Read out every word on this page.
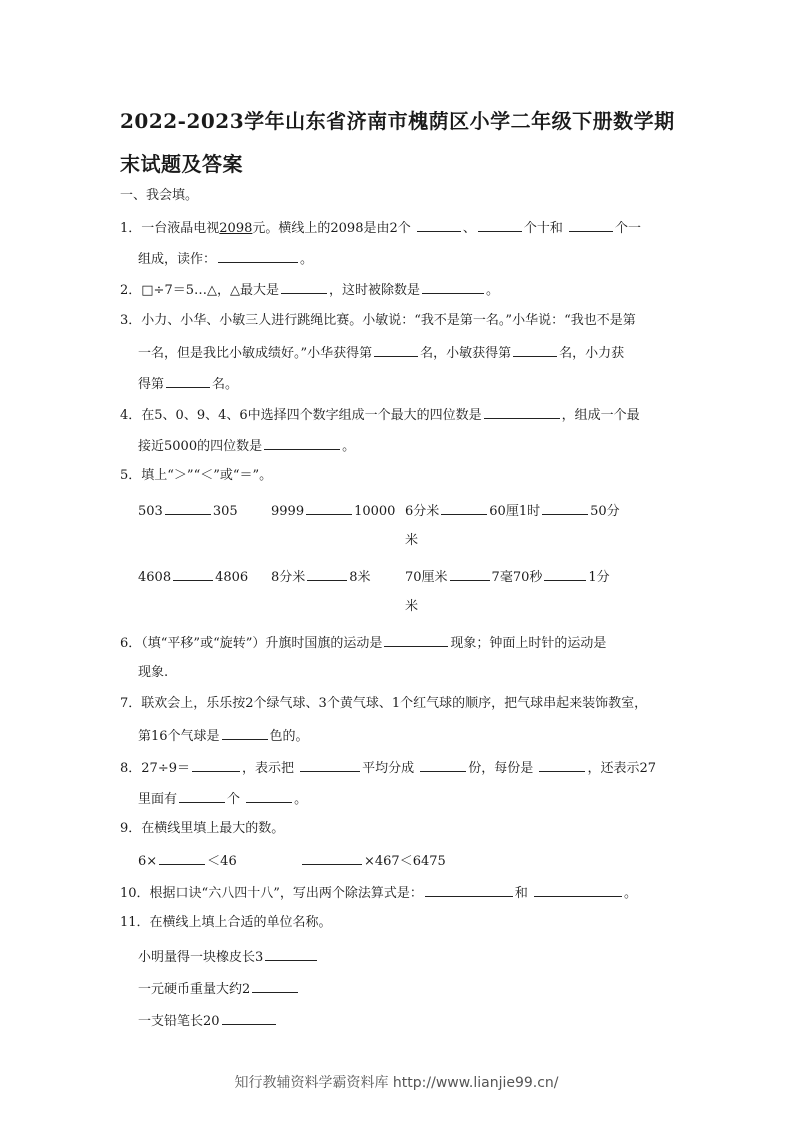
2022-2023学年山东省济南市槐荫区小学二年级下册数学期
末试题及答案
一、我会填。
1．一台液晶电视2098元。横线上的2098是由2个	、	个十和	个一
组成，读作：	。
2．□÷7＝5…△，△最大是	，这时被除数是	。
3．小力、小华、小敏三人进行跳绳比赛。小敏说：“我不是第一名。”小华说：“我也不是第
一名，但是我比小敏成绩好。”小华获得第	名，小敏获得第	名，小力获
得第	名。
4．在5、0、9、4、6中选择四个数字组成一个最大的四位数是	，组成一个最
接近5000的四位数是	。
5．填上“＞”“＜”或“＝”。
503	305	9999	10000 6分米	60厘1时	50分
米
4608	4806 8分米	8米	70厘米	7毫70秒	1分
米
6．（填“平移”或“旋转”）升旗时国旗的运动是	现象；钟面上时针的运动是
现象.
7．联欢会上，乐乐按2个绿气球、3个黄气球、1个红气球的顺序，把气球串起来装饰教室，
第16个气球是	色的。
8．27÷9＝	，表示把	平均分成	份，每份是	，还表示27
里面有	个	。
9．在横线里填上最大的数。
6×	＜46	×467＜6475
10．根据口诀“六八四十八”，写出两个除法算式是：	和	。
11．在横线上填上合适的单位名称。
小明量得一块橡皮长3
一元硬币重量大约2
一支铅笔长20
知行教辅资料学霸资料库 http://www.lianjie99.cn/
